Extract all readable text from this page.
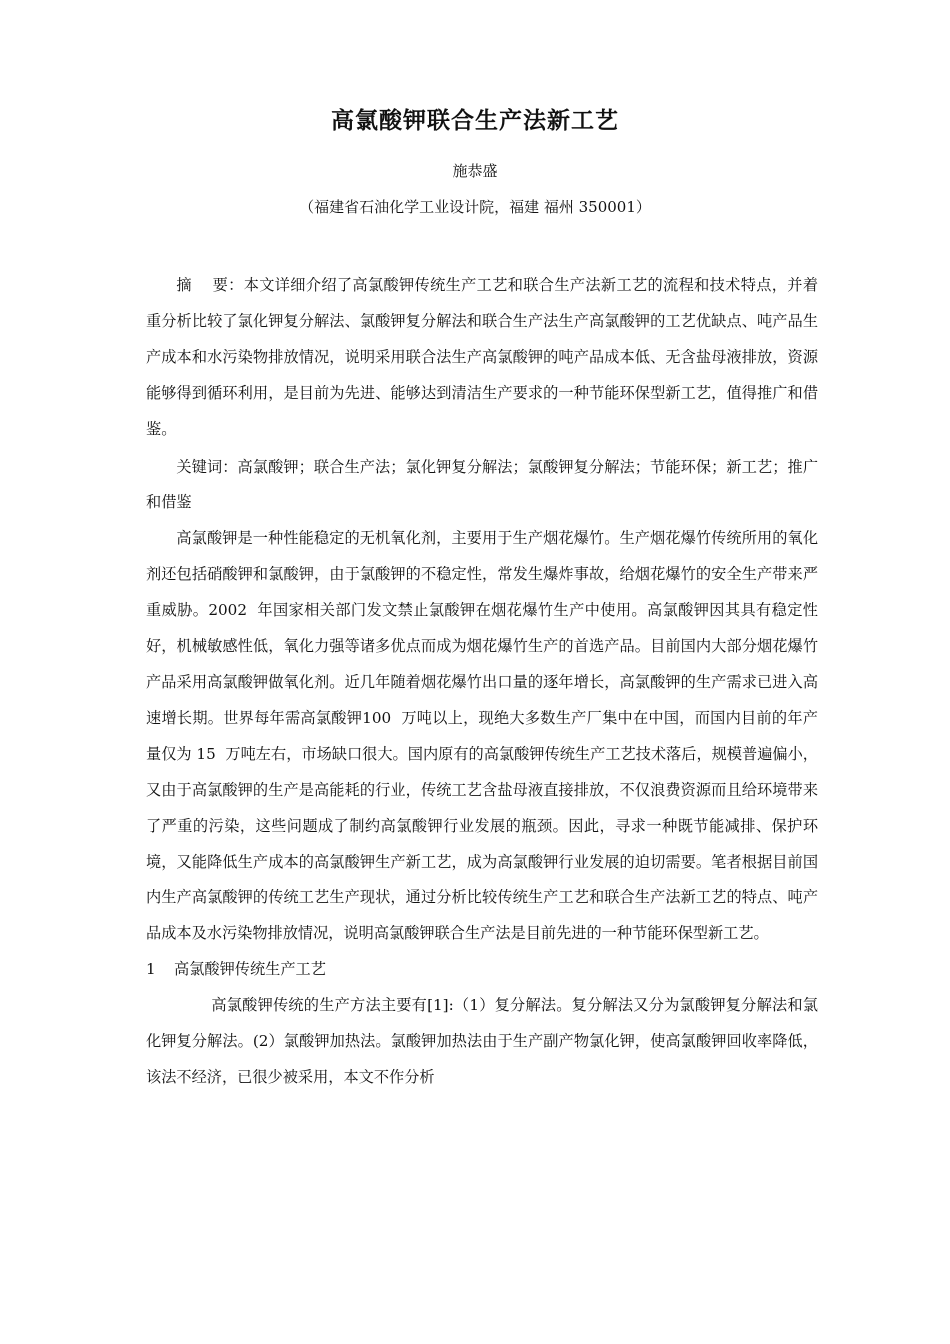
高氯酸钾联合生产法新工艺
施恭盛
（福建省石油化学工业设计院，福建 福州 350001）

摘    要：本文详细介绍了高氯酸钾传统生产工艺和联合生产法新工艺的流程和技术特点，并着重分析比较了氯化钾复分解法、氯酸钾复分解法和联合生产法生产高氯酸钾的工艺优缺点、吨产品生产成本和水污染物排放情况，说明采用联合法生产高氯酸钾的吨产品成本低、无含盐母液排放，资源能够得到循环利用，是目前为先进、能够达到清洁生产要求的一种节能环保型新工艺，值得推广和借鉴。

关键词：高氯酸钾；联合生产法；氯化钾复分解法；氯酸钾复分解法；节能环保；新工艺；推广和借鉴

高氯酸钾是一种性能稳定的无机氧化剂，主要用于生产烟花爆竹。生产烟花爆竹传统所用的氧化剂还包括硝酸钾和氯酸钾，由于氯酸钾的不稳定性，常发生爆炸事故，给烟花爆竹的安全生产带来严重威胁。2002  年国家相关部门发文禁止氯酸钾在烟花爆竹生产中使用。高氯酸钾因其具有稳定性好，机械敏感性低，氧化力强等诸多优点而成为烟花爆竹生产的首选产品。目前国内大部分烟花爆竹产品采用高氯酸钾做氧化剂。近几年随着烟花爆竹出口量的逐年增长，高氯酸钾的生产需求已进入高速增长期。世界每年需高氯酸钾100  万吨以上，现绝大多数生产厂集中在中国，而国内目前的年产量仅为 15  万吨左右，市场缺口很大。国内原有的高氯酸钾传统生产工艺技术落后，规模普遍偏小，又由于高氯酸钾的生产是高能耗的行业，传统工艺含盐母液直接排放，不仅浪费资源而且给环境带来了严重的污染，这些问题成了制约高氯酸钾行业发展的瓶颈。因此，寻求一种既节能减排、保护环境，又能降低生产成本的高氯酸钾生产新工艺，成为高氯酸钾行业发展的迫切需要。笔者根据目前国内生产高氯酸钾的传统工艺生产现状，通过分析比较传统生产工艺和联合生产法新工艺的特点、吨产品成本及水污染物排放情况，说明高氯酸钾联合生产法是目前先进的一种节能环保型新工艺。

1 高氯酸钾传统生产工艺

高氯酸钾传统的生产方法主要有[1]:（1）复分解法。复分解法又分为氯酸钾复分解法和氯化钾复分解法。(2）氯酸钾加热法。氯酸钾加热法由于生产副产物氯化钾，使高氯酸钾回收率降低，该法不经济，已很少被采用，本文不作分析
